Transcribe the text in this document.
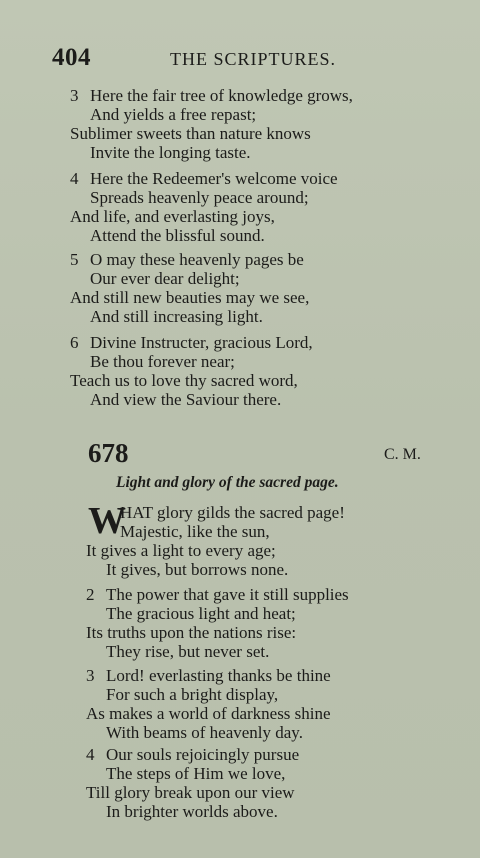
404	THE SCRIPTURES.
3 Here the fair tree of knowledge grows,
And yields a free repast;
Sublimer sweets than nature knows
Invite the longing taste.
4 Here the Redeemer's welcome voice
Spreads heavenly peace around;
And life, and everlasting joys,
Attend the blissful sound.
5 O may these heavenly pages be
Our ever dear delight;
And still new beauties may we see,
And still increasing light.
6 Divine Instructer, gracious Lord,
Be thou forever near;
Teach us to love thy sacred word,
And view the Saviour there.
678	C. M.
Light and glory of the sacred page.
W
HAT glory gilds the sacred page!
Majestic, like the sun,
It gives a light to every age;
It gives, but borrows none.
2 The power that gave it still supplies
The gracious light and heat;
Its truths upon the nations rise:
They rise, but never set.
3 Lord! everlasting thanks be thine
For such a bright display,
As makes a world of darkness shine
With beams of heavenly day.
4 Our souls rejoicingly pursue
The steps of Him we love,
Till glory break upon our view
In brighter worlds above.
